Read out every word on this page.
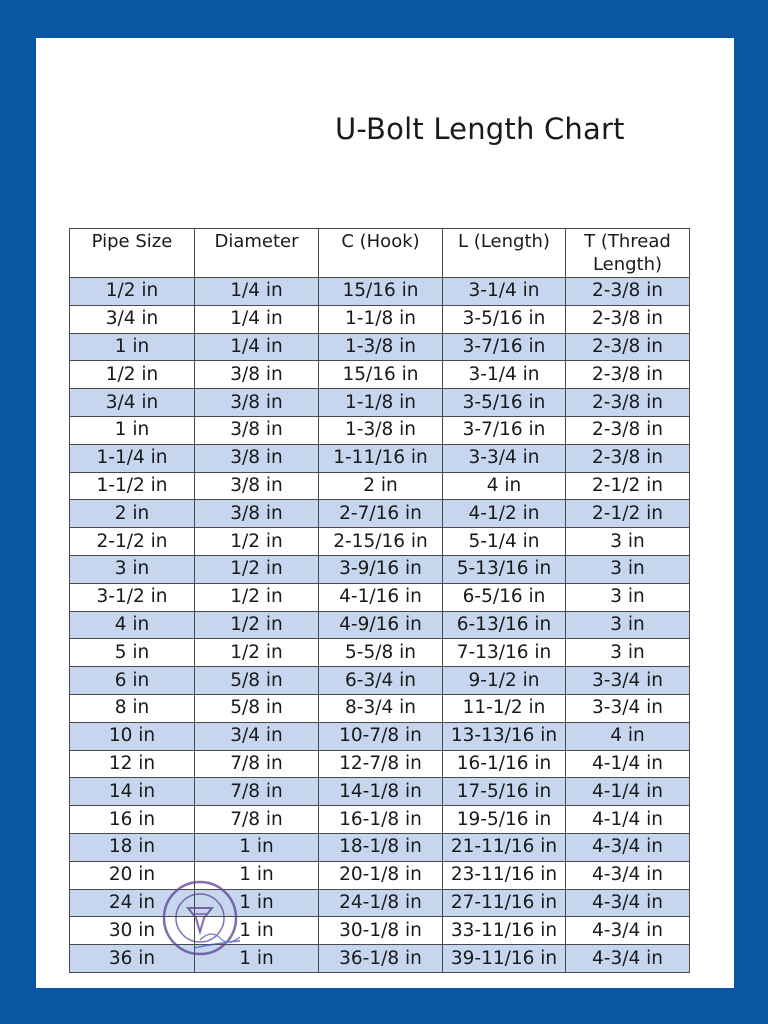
U-Bolt Length Chart
Pipe Size	Diameter	C (Hook)	L (Length)	T (Thread Length)
1/2 in	1/4 in	15/16 in	3-1/4 in	2-3/8 in
3/4 in	1/4 in	1-1/8 in	3-5/16 in	2-3/8 in
1 in	1/4 in	1-3/8 in	3-7/16 in	2-3/8 in
1/2 in	3/8 in	15/16 in	3-1/4 in	2-3/8 in
3/4 in	3/8 in	1-1/8 in	3-5/16 in	2-3/8 in
1 in	3/8 in	1-3/8 in	3-7/16 in	2-3/8 in
1-1/4 in	3/8 in	1-11/16 in	3-3/4 in	2-3/8 in
1-1/2 in	3/8 in	2 in	4 in	2-1/2 in
2 in	3/8 in	2-7/16 in	4-1/2 in	2-1/2 in
2-1/2 in	1/2 in	2-15/16 in	5-1/4 in	3 in
3 in	1/2 in	3-9/16 in	5-13/16 in	3 in
3-1/2 in	1/2 in	4-1/16 in	6-5/16 in	3 in
4 in	1/2 in	4-9/16 in	6-13/16 in	3 in
5 in	1/2 in	5-5/8 in	7-13/16 in	3 in
6 in	5/8 in	6-3/4 in	9-1/2 in	3-3/4 in
8 in	5/8 in	8-3/4 in	11-1/2 in	3-3/4 in
10 in	3/4 in	10-7/8 in	13-13/16 in	4 in
12 in	7/8 in	12-7/8 in	16-1/16 in	4-1/4 in
14 in	7/8 in	14-1/8 in	17-5/16 in	4-1/4 in
16 in	7/8 in	16-1/8 in	19-5/16 in	4-1/4 in
18 in	1 in	18-1/8 in	21-11/16 in	4-3/4 in
20 in	1 in	20-1/8 in	23-11/16 in	4-3/4 in
24 in	1 in	24-1/8 in	27-11/16 in	4-3/4 in
30 in	1 in	30-1/8 in	33-11/16 in	4-3/4 in
36 in	1 in	36-1/8 in	39-11/16 in	4-3/4 in
